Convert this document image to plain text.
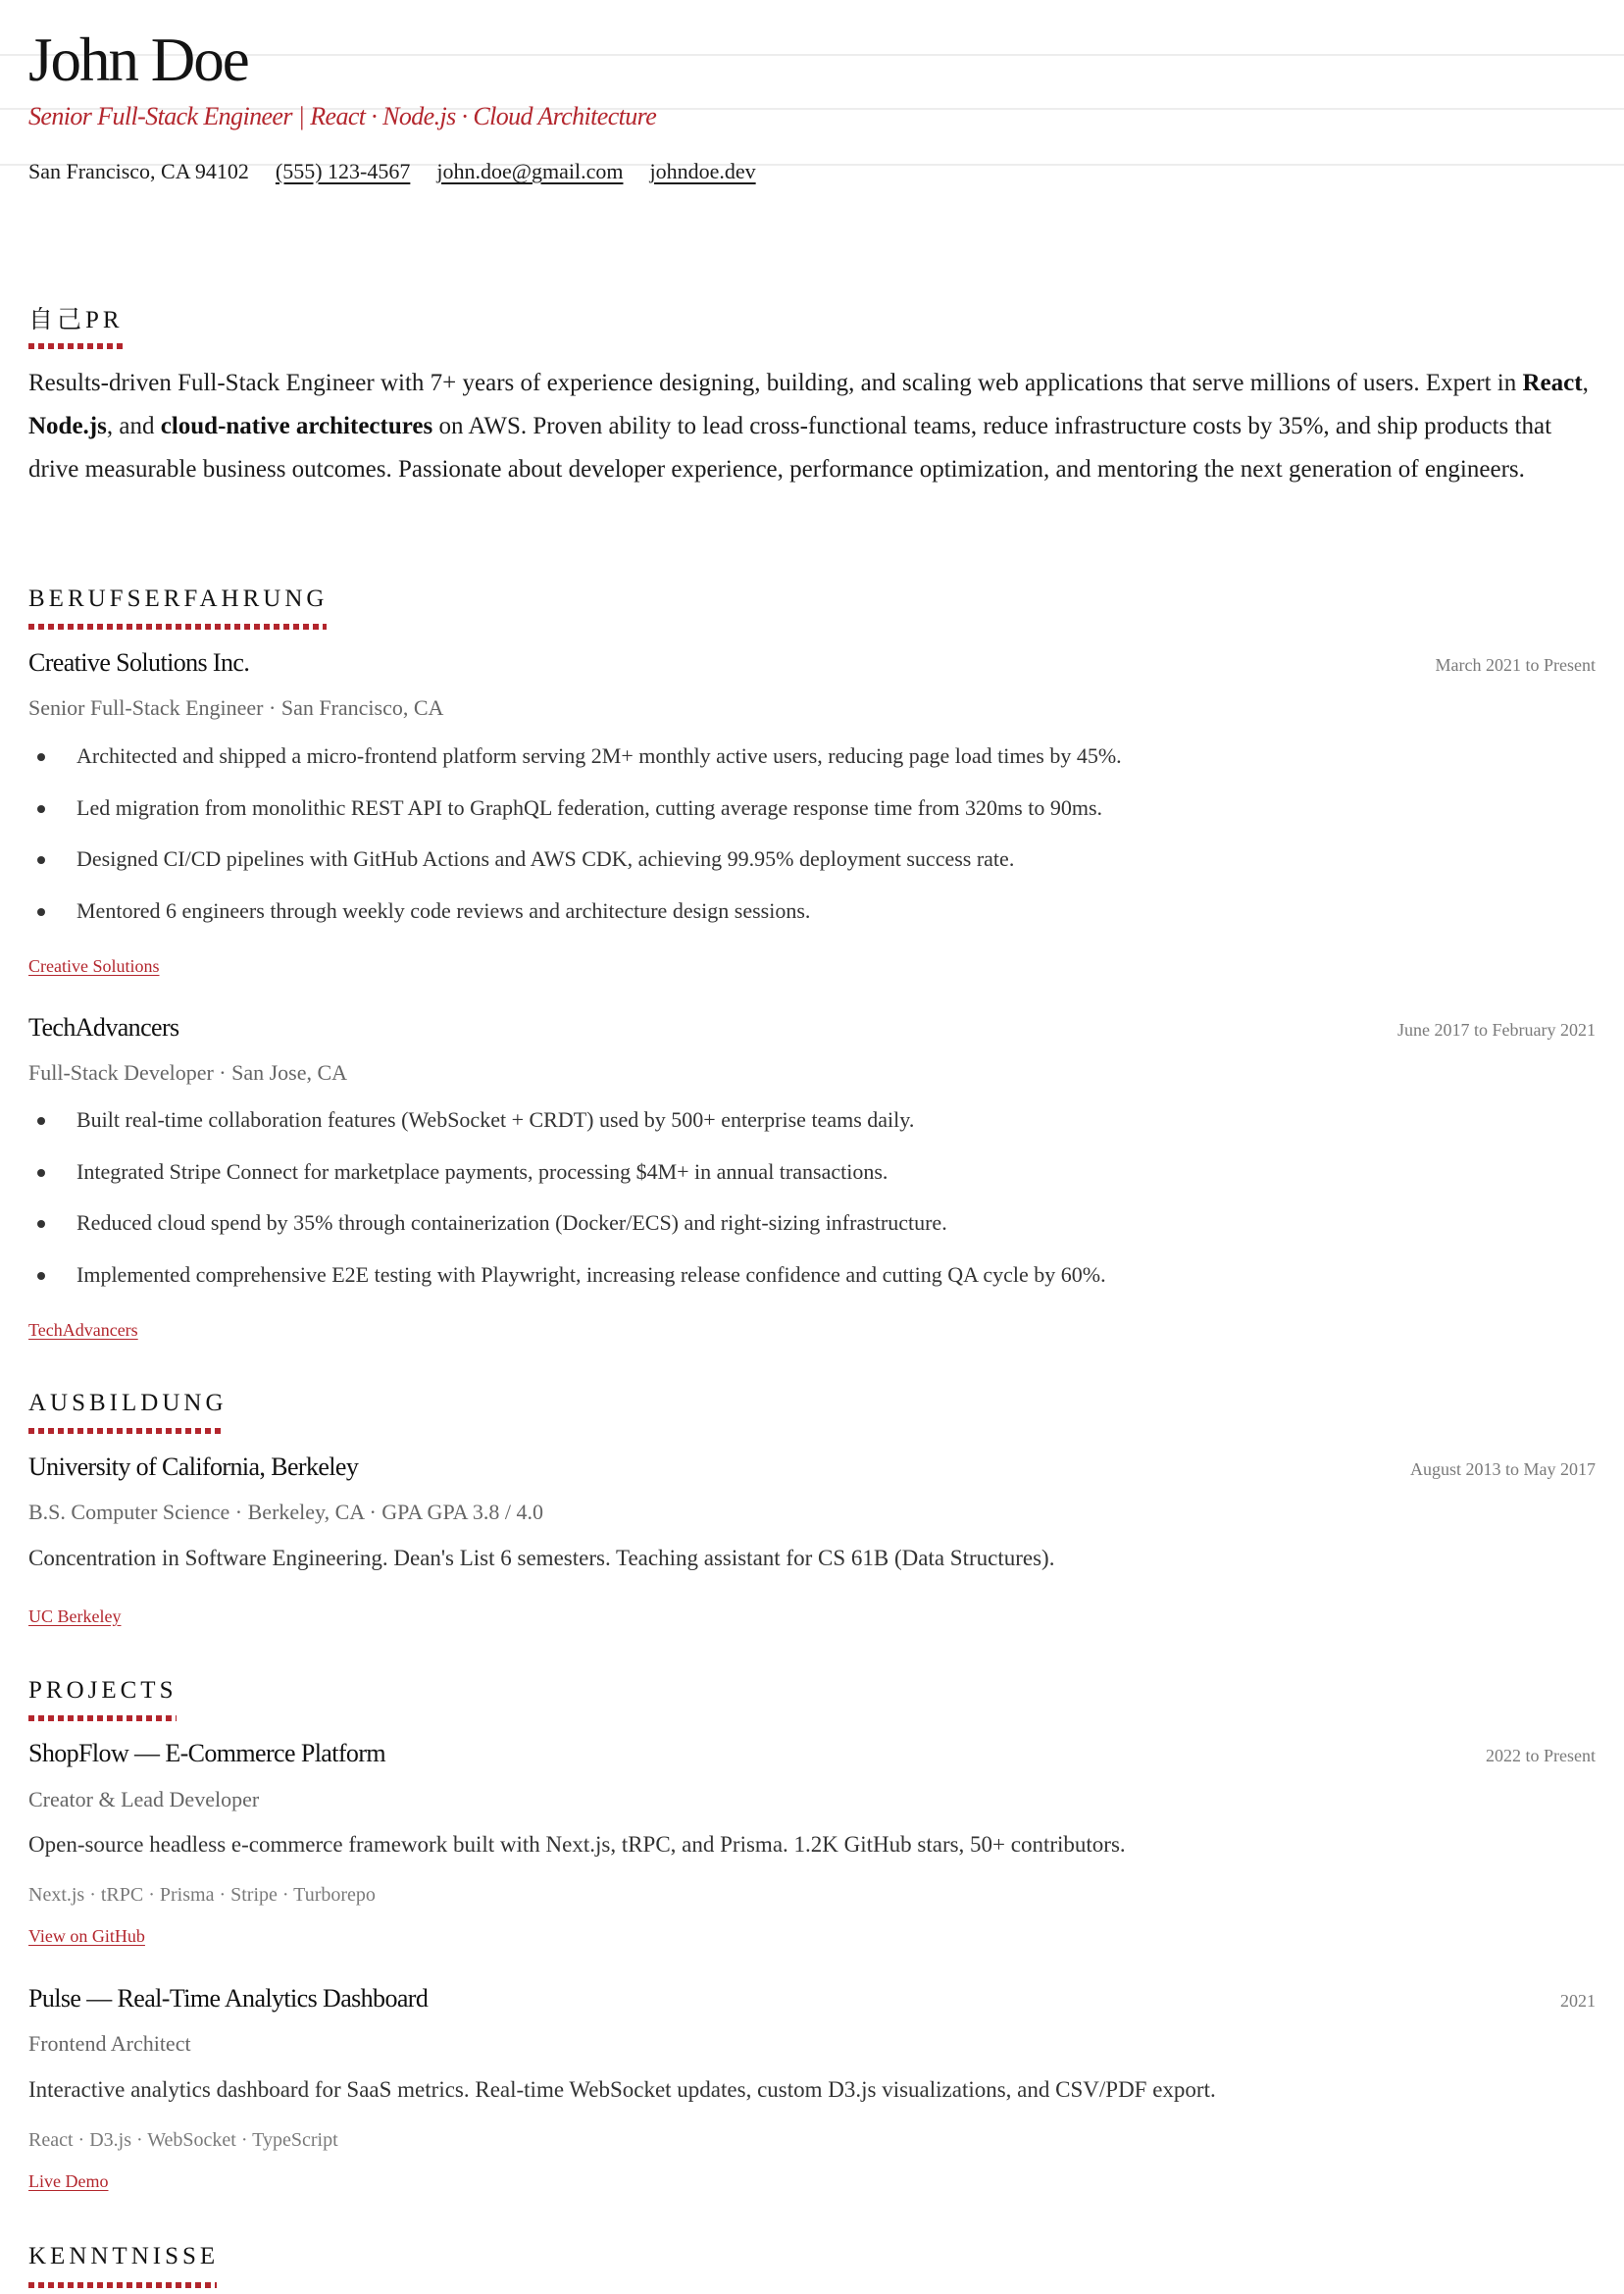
John Doe
Senior Full-Stack Engineer | React · Node.js · Cloud Architecture
San Francisco, CA 94102 (555) 123-4567 john.doe@gmail.com johndoe.dev
自己PR

Results-driven Full-Stack Engineer with 7+ years of experience designing, building, and scaling web applications that serve millions of users. Expert in React, Node.js, and cloud-native architectures on AWS. Proven ability to lead cross-functional teams, reduce infrastructure costs by 35%, and ship products that drive measurable business outcomes. Passionate about developer experience, performance optimization, and mentoring the next generation of engineers.

BERUFSERFAHRUNG
Creative Solutions Inc.	March 2021 to Present
Senior Full-Stack Engineer · San Francisco, CA
Architected and shipped a micro-frontend platform serving 2M+ monthly active users, reducing page load times by 45%.
Led migration from monolithic REST API to GraphQL federation, cutting average response time from 320ms to 90ms.
Designed CI/CD pipelines with GitHub Actions and AWS CDK, achieving 99.95% deployment success rate.
Mentored 6 engineers through weekly code reviews and architecture design sessions.
Creative Solutions
TechAdvancers	June 2017 to February 2021
Full-Stack Developer · San Jose, CA
Built real-time collaboration features (WebSocket + CRDT) used by 500+ enterprise teams daily.
Integrated Stripe Connect for marketplace payments, processing $4M+ in annual transactions.
Reduced cloud spend by 35% through containerization (Docker/ECS) and right-sizing infrastructure.
Implemented comprehensive E2E testing with Playwright, increasing release confidence and cutting QA cycle by 60%.
TechAdvancers
AUSBILDUNG
University of California, Berkeley	August 2013 to May 2017
B.S. Computer Science · Berkeley, CA · GPA GPA 3.8 / 4.0
Concentration in Software Engineering. Dean's List 6 semesters. Teaching assistant for CS 61B (Data Structures).
UC Berkeley
PROJECTS
ShopFlow — E-Commerce Platform	2022 to Present
Creator & Lead Developer
Open-source headless e-commerce framework built with Next.js, tRPC, and Prisma. 1.2K GitHub stars, 50+ contributors.
Next.js · tRPC · Prisma · Stripe · Turborepo
View on GitHub
Pulse — Real-Time Analytics Dashboard	2021
Frontend Architect
Interactive analytics dashboard for SaaS metrics. Real-time WebSocket updates, custom D3.js visualizations, and CSV/PDF export.
React · D3.js · WebSocket · TypeScript
Live Demo
KENNTNISSE
